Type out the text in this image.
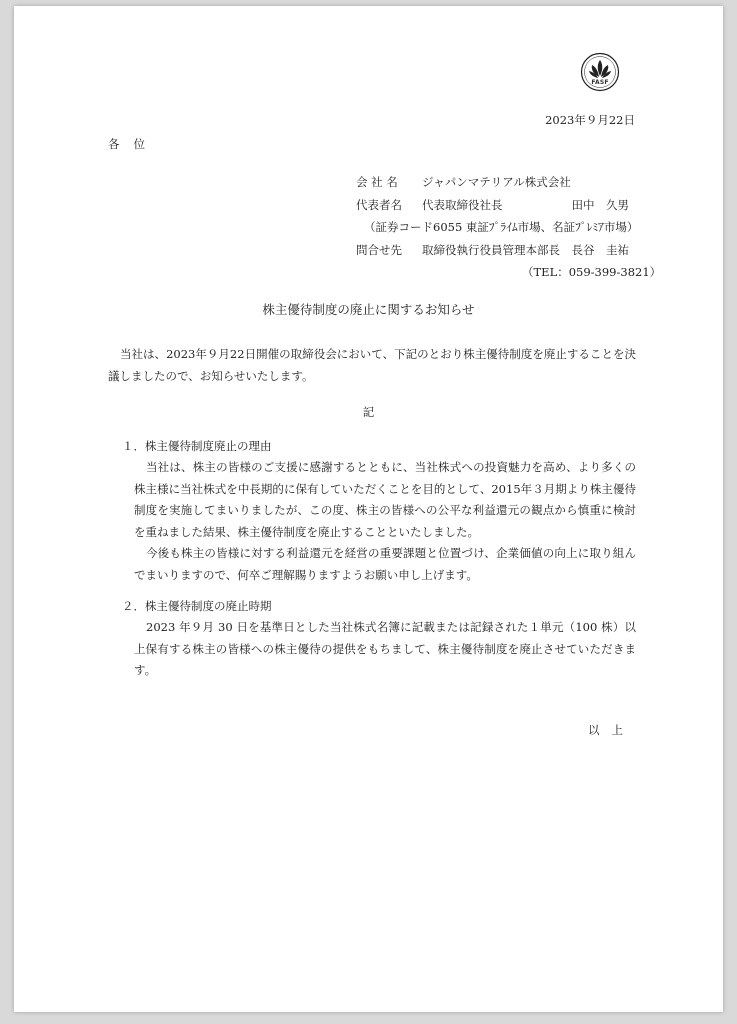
FASF
2023年９月22日
各位
会 社 名 ジャパンマテリアル株式会社
代表者名 代表取締役社長　　　　　　田中　久男
（証券コード6055 東証ﾌﾟﾗｲﾑ市場、名証ﾌﾟﾚﾐｱ市場）
問合せ先 取締役執行役員管理本部長　長谷　圭祐
（TEL：059-399-3821）
株主優待制度の廃止に関するお知らせ
当社は、2023年９月22日開催の取締役会において、下記のとおり株主優待制度を廃止することを決議しましたので、お知らせいたします。
記
１．株主優待制度廃止の理由
当社は、株主の皆様のご支援に感謝するとともに、当社株式への投資魅力を高め、より多くの株主様に当社株式を中長期的に保有していただくことを目的として、2015年３月期より株主優待制度を実施してまいりましたが、この度、株主の皆様への公平な利益還元の観点から慎重に検討を重ねました結果、株主優待制度を廃止することといたしました。
今後も株主の皆様に対する利益還元を経営の重要課題と位置づけ、企業価値の向上に取り組んでまいりますので、何卒ご理解賜りますようお願い申し上げます。
２．株主優待制度の廃止時期
2023 年９月 30 日を基準日とした当社株式名簿に記載または記録された１単元（100 株）以上保有する株主の皆様への株主優待の提供をもちまして、株主優待制度を廃止させていただきます。
以上
